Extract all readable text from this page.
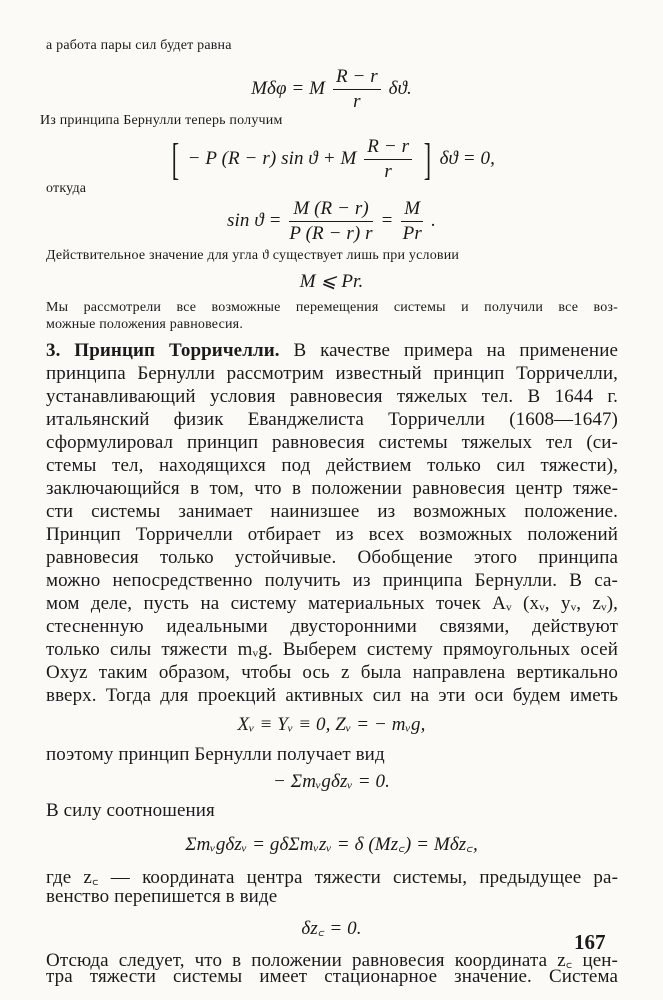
а работа пары сил будет равна
Mδφ = M $\frac{R - r}{r} \delta ϑ$.
Из принципа Бернулли теперь получим
[ − P (R − r) sin ϑ + M $\frac{R - r}{r}$ ] δϑ = 0,
откуда
$\sin ϑ = \frac{M (R - r)}{P (R - r) r} = \frac{M}{Pr}$ .
Действительное значение для угла ϑ существует лишь при условии
M ⩽ Pr.
Мы рассмотрели все возможные перемещения системы и получили все воз-
можные положения равновесия.
3. Принцип Торричелли. В качестве примера на применение
принципа Бернулли рассмотрим известный принцип Торричелли,
устанавливающий условия равновесия тяжелых тел. В 1644 г.
итальянский физик Еванджелиста Торричелли (1608—1647)
сформулировал принцип равновесия системы тяжелых тел (си-
стемы тел, находящихся под действием только сил тяжести),
заключающийся в том, что в положении равновесия центр тяже-
сти системы занимает наинизшее из возможных положение.
Принцип Торричелли отбирает из всех возможных положений
равновесия только устойчивые. Обобщение этого принципа
можно непосредственно получить из принципа Бернулли. В са-
мом деле, пусть на систему материальных точек Aᵥ (xᵥ, yᵥ, zᵥ),
стесненную идеальными двусторонними связями, действуют
только силы тяжести mᵥg. Выберем систему прямоугольных осей
Oxyz таким образом, чтобы ось z была направлена вертикально
вверх. Тогда для проекций активных сил на эти оси будем иметь
Xᵥ ≡ Yᵥ ≡ 0, Zᵥ = − mᵥg,
поэтому принцип Бернулли получает вид
− Σmᵥgδzᵥ = 0.
В силу соотношения
Σmᵥgδzᵥ = gδΣmᵥzᵥ = δ (Mz꜀) = Mδz꜀,
где z꜀ — координата центра тяжести системы, предыдущее ра-
венство перепишется в виде
δz꜀ = 0.
Отсюда следует, что в положении равновесия координата z꜀ цен-
тра тяжести системы имеет стационарное значение. Система
167
